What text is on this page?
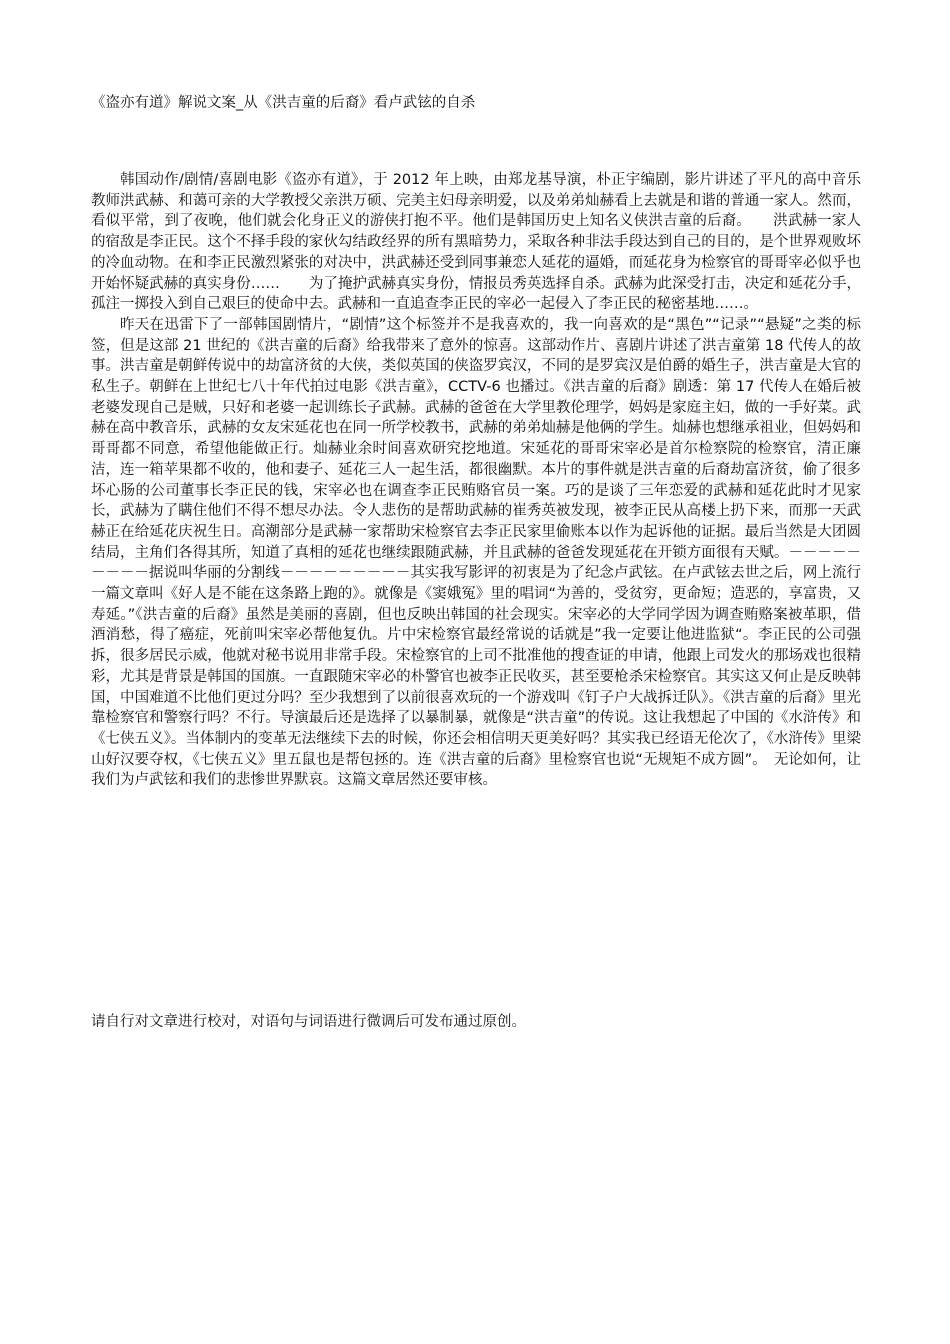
《盗亦有道》解说文案_从《洪吉童的后裔》看卢武铉的自杀

韩国动作/剧情/喜剧电影《盗亦有道》，于 2012 年上映，由郑龙基导演，朴正宇编剧，影片讲述了平凡的高中音乐教师洪武赫、和蔼可亲的大学教授父亲洪万硕、完美主妇母亲明爱，以及弟弟灿赫看上去就是和谐的普通一家人。然而，看似平常，到了夜晚，他们就会化身正义的游侠打抱不平。他们是韩国历史上知名义侠洪吉童的后裔。　　洪武赫一家人的宿敌是李正民。这个不择手段的家伙勾结政经界的所有黑暗势力，采取各种非法手段达到自己的目的，是个世界观败坏的冷血动物。在和李正民激烈紧张的对决中，洪武赫还受到同事兼恋人延花的逼婚，而延花身为检察官的哥哥宰必似乎也开始怀疑武赫的真实身份……　　为了掩护武赫真实身份，情报员秀英选择自杀。武赫为此深受打击，决定和延花分手，孤注一掷投入到自己艰巨的使命中去。武赫和一直追查李正民的宰必一起侵入了李正民的秘密基地……。

昨天在迅雷下了一部韩国剧情片，“剧情”这个标签并不是我喜欢的，我一向喜欢的是“黑色”“记录”“悬疑”之类的标签，但是这部 21 世纪的《洪吉童的后裔》给我带来了意外的惊喜。这部动作片、喜剧片讲述了洪吉童第 18 代传人的故事。洪吉童是朝鲜传说中的劫富济贫的大侠，类似英国的侠盗罗宾汉，不同的是罗宾汉是伯爵的婚生子，洪吉童是大官的私生子。朝鲜在上世纪七八十年代拍过电影《洪吉童》，CCTV-6 也播过。《洪吉童的后裔》剧透：第 17 代传人在婚后被老婆发现自己是贼，只好和老婆一起训练长子武赫。武赫的爸爸在大学里教伦理学，妈妈是家庭主妇，做的一手好菜。武赫在高中教音乐，武赫的女友宋延花也在同一所学校教书，武赫的弟弟灿赫是他俩的学生。灿赫也想继承祖业，但妈妈和哥哥都不同意，希望他能做正行。灿赫业余时间喜欢研究挖地道。宋延花的哥哥宋宰必是首尔检察院的检察官，清正廉洁，连一箱苹果都不收的，他和妻子、延花三人一起生活，都很幽默。本片的事件就是洪吉童的后裔劫富济贫，偷了很多坏心肠的公司董事长李正民的钱，宋宰必也在调查李正民贿赂官员一案。巧的是谈了三年恋爱的武赫和延花此时才见家长，武赫为了瞒住他们不得不想尽办法。令人悲伤的是帮助武赫的崔秀英被发现，被李正民从高楼上扔下来，而那一天武赫正在给延花庆祝生日。高潮部分是武赫一家帮助宋检察官去李正民家里偷账本以作为起诉他的证据。最后当然是大团圆结局，主角们各得其所，知道了真相的延花也继续跟随武赫，并且武赫的爸爸发现延花在开锁方面很有天赋。－－－－－－－－－据说叫华丽的分割线－－－－－－－－－其实我写影评的初衷是为了纪念卢武铉。在卢武铉去世之后，网上流行一篇文章叫《好人是不能在这条路上跑的》。就像是《窦娥冤》里的唱词“为善的，受贫穷，更命短；造恶的，享富贵，又寿延。”《洪吉童的后裔》虽然是美丽的喜剧，但也反映出韩国的社会现实。宋宰必的大学同学因为调查贿赂案被革职，借酒消愁，得了癌症，死前叫宋宰必帮他复仇。片中宋检察官最经常说的话就是”我一定要让他进监狱“。李正民的公司强拆，很多居民示威，他就对秘书说用非常手段。宋检察官的上司不批准他的搜查证的申请，他跟上司发火的那场戏也很精彩，尤其是背景是韩国的国旗。一直跟随宋宰必的朴警官也被李正民收买，甚至要枪杀宋检察官。其实这又何止是反映韩国，中国难道不比他们更过分吗？至少我想到了以前很喜欢玩的一个游戏叫《钉子户大战拆迁队》。《洪吉童的后裔》里光靠检察官和警察行吗？不行。导演最后还是选择了以暴制暴，就像是“洪吉童”的传说。这让我想起了中国的《水浒传》和《七侠五义》。当体制内的变革无法继续下去的时候，你还会相信明天更美好吗？其实我已经语无伦次了，《水浒传》里梁山好汉要夺权，《七侠五义》里五鼠也是帮包拯的。连《洪吉童的后裔》里检察官也说“无规矩不成方圆”。　无论如何，让我们为卢武铉和我们的悲惨世界默哀。这篇文章居然还要审核。

请自行对文章进行校对，对语句与词语进行微调后可发布通过原创。
